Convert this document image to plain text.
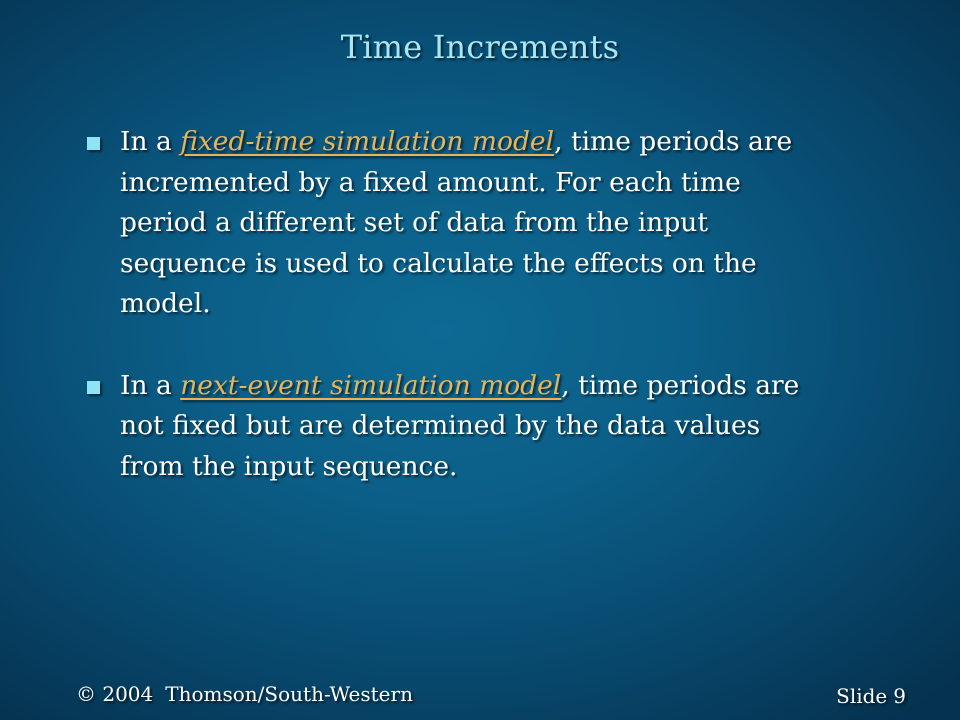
Time Increments
In a fixed-time simulation model, time periods are incremented by a fixed amount. For each time period a different set of data from the input sequence is used to calculate the effects on the model.
In a next-event simulation model, time periods are not fixed but are determined by the data values from the input sequence.
© 2004 Thomson/South-Western	Slide 9
